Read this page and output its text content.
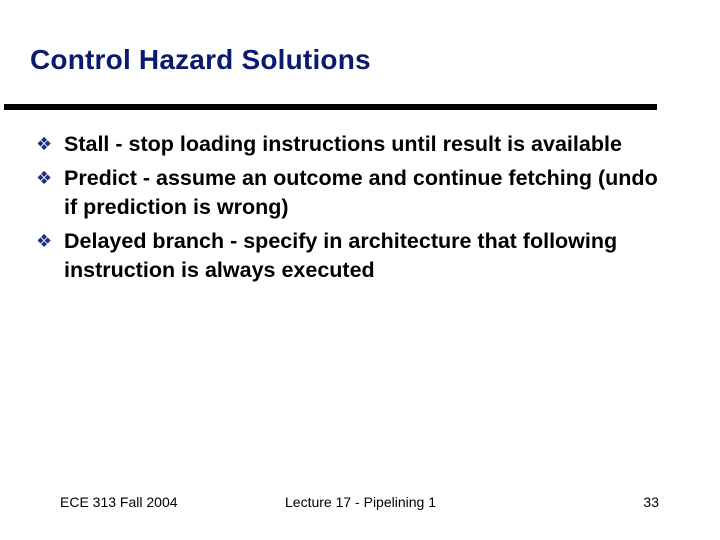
Control Hazard Solutions
❖ Stall - stop loading instructions until result is available
❖ Predict - assume an outcome and continue fetching (undo if prediction is wrong)
❖ Delayed branch - specify in architecture that following instruction is always executed
ECE 313 Fall 2004	Lecture 17 - Pipelining 1	33
